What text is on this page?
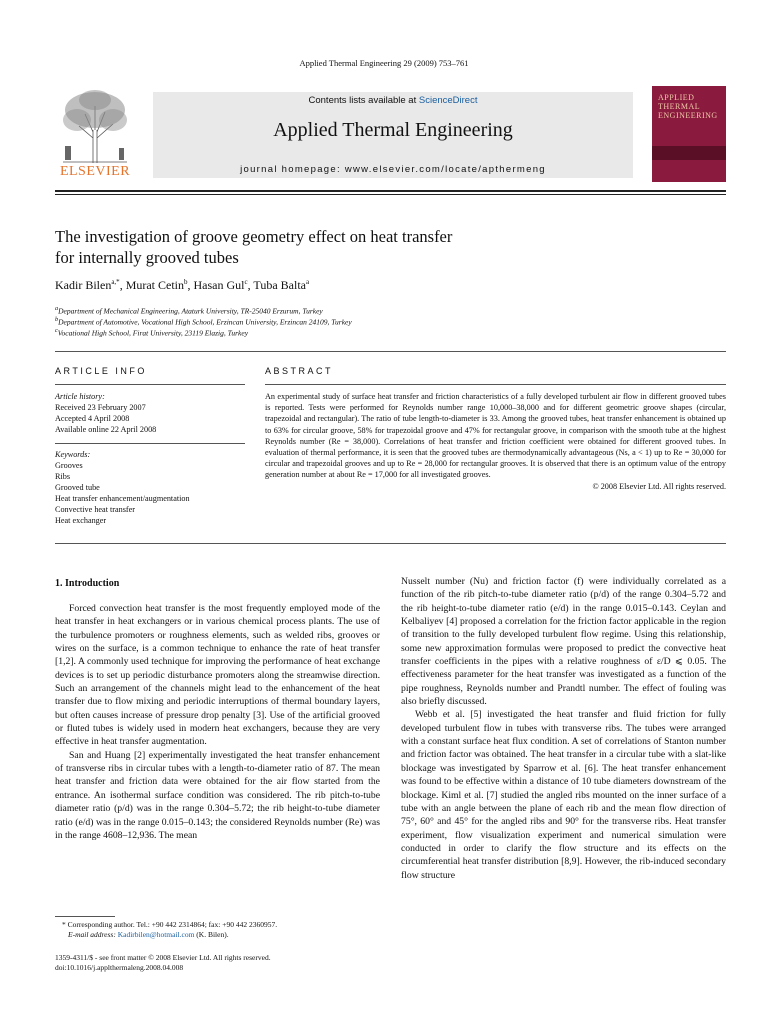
Applied Thermal Engineering 29 (2009) 753–761
ELSEVIER
Contents lists available at ScienceDirect
Applied Thermal Engineering
journal homepage: www.elsevier.com/locate/apthermeng
APPLIED
THERMAL
ENGINEERING
The investigation of groove geometry effect on heat transfer
for internally grooved tubes
Kadir Bilen$^{a,*}$, Murat Cetin$^b$, Hasan Gul$^c$, Tuba Balta$^a$
$^a$Department of Mechanical Engineering, Ataturk University, TR-25040 Erzurum, Turkey
$^b$Department of Automotive, Vocational High School, Erzincan University, Erzincan 24109, Turkey
$^c$Vocational High School, Firat University, 23119 Elazig, Turkey
ARTICLE INFO
Article history:
Received 23 February 2007
Accepted 4 April 2008
Available online 22 April 2008
Keywords:
Grooves
Ribs
Grooved tube
Heat transfer enhancement/augmentation
Convective heat transfer
Heat exchanger
ABSTRACT
An experimental study of surface heat transfer and friction characteristics of a fully developed turbulent air flow in different grooved tubes is reported. Tests were performed for Reynolds number range 10,000–38,000 and for different geometric groove shapes (circular, trapezoidal and rectangular). The ratio of tube length-to-diameter is 33. Among the grooved tubes, heat transfer enhancement is obtained up to 63% for circular groove, 58% for trapezoidal groove and 47% for rectangular groove, in comparison with the smooth tube at the highest Reynolds number (Re = 38,000). Correlations of heat transfer and friction coefficient were obtained for different grooved tubes. In evaluation of thermal performance, it is seen that the grooved tubes are thermodynamically advantageous (Ns, a < 1) up to Re = 30,000 for circular and trapezoidal grooves and up to Re = 28,000 for rectangular grooves. It is observed that there is an optimum value of the entropy generation number at about Re = 17,000 for all investigated grooves.
© 2008 Elsevier Ltd. All rights reserved.
1. Introduction

Forced convection heat transfer is the most frequently employed mode of the heat transfer in heat exchangers or in various chemical process plants. The use of the turbulence promoters or roughness elements, such as welded ribs, grooves or wires on the surface, is a common technique to enhance the rate of heat transfer [1,2]. A commonly used technique for improving the performance of heat exchange devices is to set up periodic disturbance promoters along the streamwise direction. Such an arrangement of the channels might lead to the enhancement of the heat transfer due to flow mixing and periodic interruptions of thermal boundary layers, but often causes increase of pressure drop penalty [3]. Use of the artificial grooved or fluted tubes is widely used in modern heat exchangers, because they are very effective in heat transfer augmentation.

San and Huang [2] experimentally investigated the heat transfer enhancement of transverse ribs in circular tubes with a length-to-diameter ratio of 87. The mean heat transfer and friction data were obtained for the air flow started from the entrance. An isothermal surface condition was considered. The rib pitch-to-tube diameter ratio (p/d) was in the range 0.304–5.72; the rib height-to-tube diameter ratio (e/d) was in the range 0.015–0.143; the considered Reynolds number (Re) was in the range 4608–12,936. The mean

Nusselt number (Nu) and friction factor (f) were individually correlated as a function of the rib pitch-to-tube diameter ratio (p/d) of the range 0.304–5.72 and the rib height-to-tube diameter ratio (e/d) in the range 0.015–0.143. Ceylan and Kelbaliyev [4] proposed a correlation for the friction factor applicable in the region of transition to the fully developed turbulent flow regime. Using this relationship, some new approximation formulas were proposed to predict the convective heat transfer coefficients in the pipes with a relative roughness of ε/D ⩽ 0.05. The effectiveness parameter for the heat transfer was investigated as a function of the pipe roughness, Reynolds number and Prandtl number. The effect of fouling was also briefly discussed.

Webb et al. [5] investigated the heat transfer and fluid friction for fully developed turbulent flow in tubes with transverse ribs. The tubes were arranged with a constant surface heat flux condition. A set of correlations of Stanton number and friction factor was obtained. The heat transfer in a circular tube with a slat-like blockage was investigated by Sparrow et al. [6]. The heat transfer enhancement was found to be effective within a distance of 10 tube diameters downstream of the blockage. Kiml et al. [7] studied the angled ribs mounted on the inner surface of a tube with an angle between the plane of each rib and the mean flow direction of 75°, 60° and 45° for the angled ribs and 90° for the transverse ribs. Heat transfer experiment, flow visualization experiment and numerical simulation were conducted in order to clarify the flow structure and its effects on the circumferential heat transfer distribution [8,9]. However, the rib-induced secondary flow structure

* Corresponding author. Tel.: +90 442 2314864; fax: +90 442 2360957.
E-mail address: Kadirbilen@hotmail.com (K. Bilen).
1359-4311/$ - see front matter © 2008 Elsevier Ltd. All rights reserved.
doi:10.1016/j.applthermaleng.2008.04.008
